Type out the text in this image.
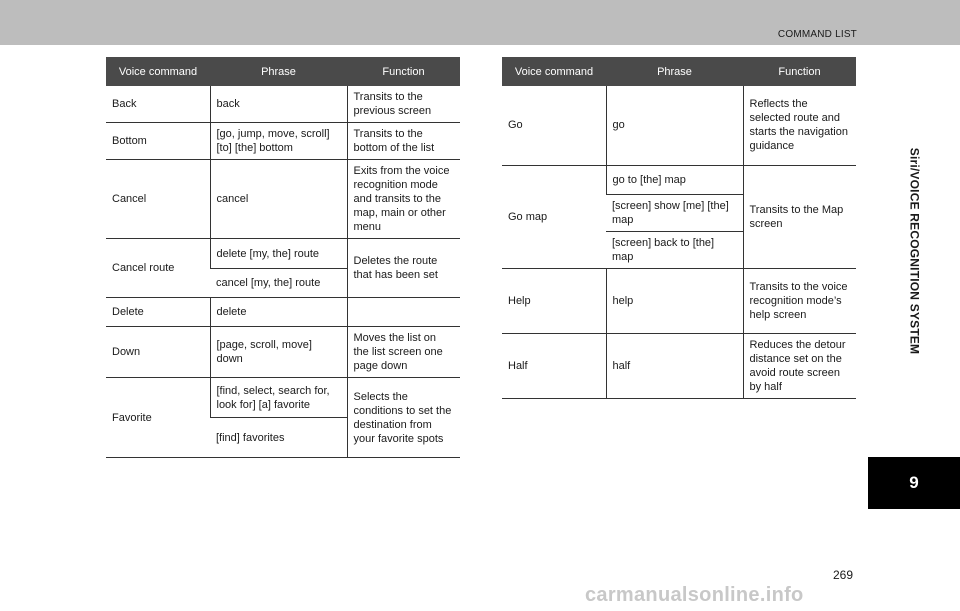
COMMAND LIST
Voice command	Phrase	Function
Back	back	Transits to the previous screen
Bottom	[go, jump, move, scroll] [to] [the] bottom	Transits to the bottom of the list
Cancel	cancel	Exits from the voice recognition mode and transits to the map, main or other menu
Cancel route	delete [my, the] route	Deletes the route that has been set
	cancel [my, the] route	
Delete	delete	
Down	[page, scroll, move] down	Moves the list on the list screen one page down
Favorite	[find, select, search for, look for] [a] favorite	Selects the conditions to set the destination from your favorite spots
	[find] favorites	
Voice command	Phrase	Function
Go	go	Reflects the selected route and starts the navigation guidance
Go map	go to [the] map	Transits to the Map screen
	[screen] show [me] [the] map	
	[screen] back to [the] map	
Help	help	Transits to the voice recognition mode’s help screen
Half	half	Reduces the detour distance set on the avoid route screen by half
Siri/VOICE RECOGNITION SYSTEM
9
269
carmanualsonline.info
